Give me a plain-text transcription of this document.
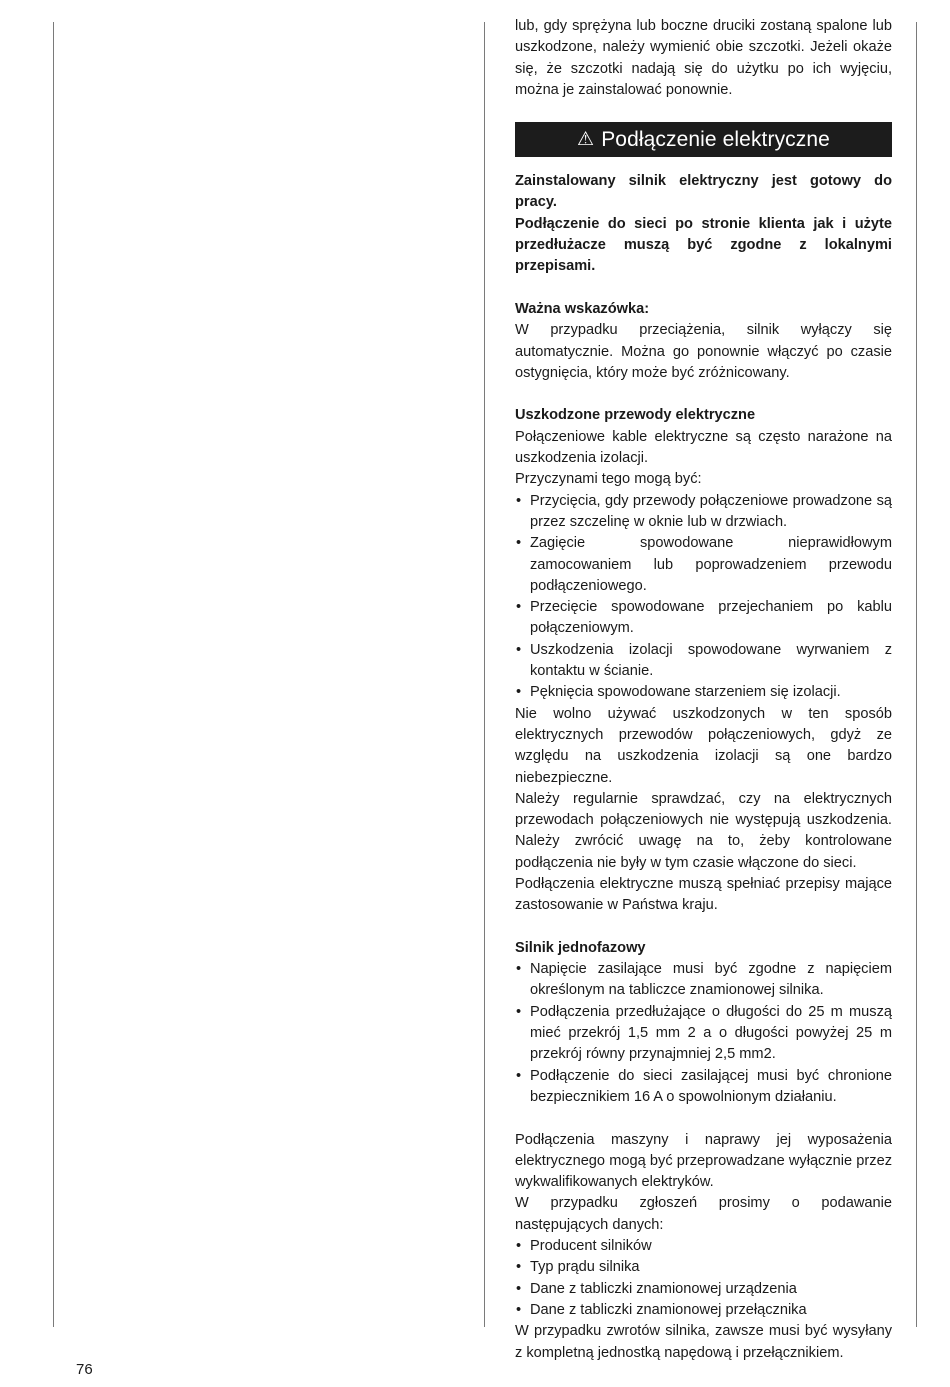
76

lub, gdy sprężyna lub boczne druciki zostaną spalone lub uszkodzone, należy wymienić obie szczotki. Jeżeli okaże się, że szczotki nadają się do użytku po ich wyjęciu, można je zainstalować ponownie.

⚠ Podłączenie elektryczne

Zainstalowany silnik elektryczny jest gotowy do pracy.

Podłączenie do sieci po stronie klienta jak i użyte przedłużacze muszą być zgodne z lokalnymi przepisami.

Ważna wskazówka:

W przypadku przeciążenia, silnik wyłączy się automatycznie. Można go ponownie włączyć po czasie ostygnięcia, który może być zróżnicowany.

Uszkodzone przewody elektryczne

Połączeniowe kable elektryczne są często narażone na uszkodzenia izolacji.

Przyczynami tego mogą być:

• Przycięcia, gdy przewody połączeniowe prowadzone są przez szczelinę w oknie lub w drzwiach.
• Zagięcie spowodowane nieprawidłowym zamocowaniem lub poprowadzeniem przewodu podłączeniowego.
• Przecięcie spowodowane przejechaniem po kablu połączeniowym.
• Uszkodzenia izolacji spowodowane wyrwaniem z kontaktu w ścianie.
• Pęknięcia spowodowane starzeniem się izolacji.

Nie wolno używać uszkodzonych w ten sposób elektrycznych przewodów połączeniowych, gdyż ze względu na uszkodzenia izolacji są one bardzo niebezpieczne.

Należy regularnie sprawdzać, czy na elektrycznych przewodach połączeniowych nie występują uszkodzenia. Należy zwrócić uwagę na to, żeby kontrolowane podłączenia nie były w tym czasie włączone do sieci.

Podłączenia elektryczne muszą spełniać przepisy mające zastosowanie w Państwa kraju.

Silnik jednofazowy

• Napięcie zasilające musi być zgodne z napięciem określonym na tabliczce znamionowej silnika.
• Podłączenia przedłużające o długości do 25 m muszą mieć przekrój 1,5 mm 2 a o długości powyżej 25 m przekrój równy przynajmniej 2,5 mm2.
• Podłączenie do sieci zasilającej musi być chronione bezpiecznikiem 16 A o spowolnionym działaniu.

Podłączenia maszyny i naprawy jej wyposażenia elektrycznego mogą być przeprowadzane wyłącznie przez wykwalifikowanych elektryków.

W przypadku zgłoszeń prosimy o podawanie następujących danych:

• Producent silników
• Typ prądu silnika
• Dane z tabliczki znamionowej urządzenia
• Dane z tabliczki znamionowej przełącznika

W przypadku zwrotów silnika, zawsze musi być wysyłany z kompletną jednostką napędową i przełącznikiem.
